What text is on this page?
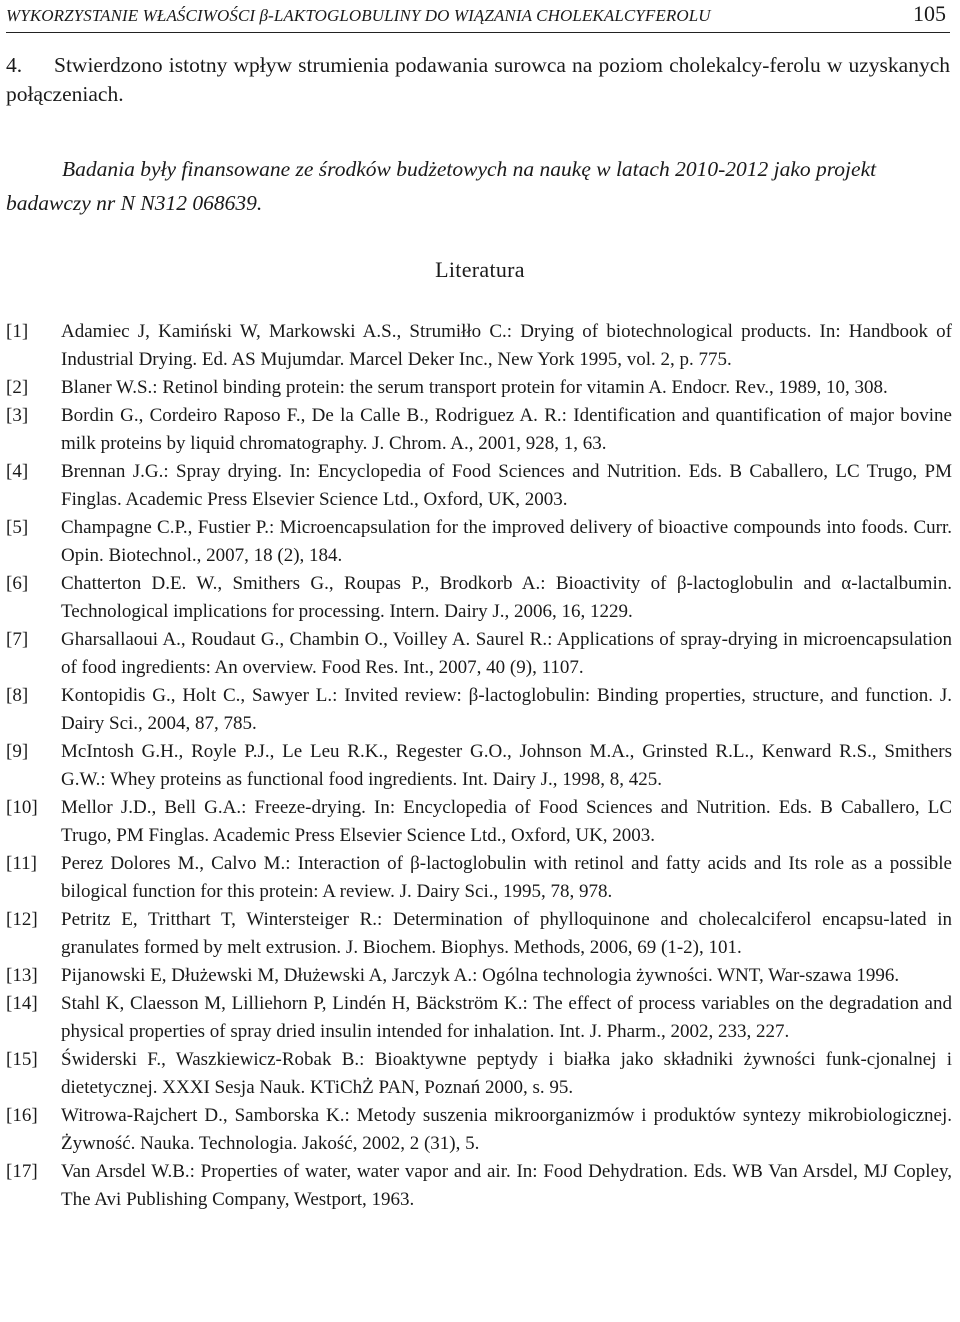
WYKORZYSTANIE WŁAŚCIWOŚCI β-LAKTOGLOBULINY DO WIĄZANIA CHOLEKALCYFEROLU	105
4. Stwierdzono istotny wpływ strumienia podawania surowca na poziom cholekalcy-ferolu w uzyskanych połączeniach.
Badania były finansowane ze środków budżetowych na naukę w latach 2010-2012 jako projekt badawczy nr N N312 068639.
Literatura
[1] Adamiec J, Kamiński W, Markowski A.S., Strumiłło C.: Drying of biotechnological products. In: Handbook of Industrial Drying. Ed. AS Mujumdar. Marcel Deker Inc., New York 1995, vol. 2, p. 775.
[2] Blaner W.S.: Retinol binding protein: the serum transport protein for vitamin A. Endocr. Rev., 1989, 10, 308.
[3] Bordin G., Cordeiro Raposo F., De la Calle B., Rodriguez A. R.: Identification and quantification of major bovine milk proteins by liquid chromatography. J. Chrom. A., 2001, 928, 1, 63.
[4] Brennan J.G.: Spray drying. In: Encyclopedia of Food Sciences and Nutrition. Eds. B Caballero, LC Trugo, PM Finglas. Academic Press Elsevier Science Ltd., Oxford, UK, 2003.
[5] Champagne C.P., Fustier P.: Microencapsulation for the improved delivery of bioactive compounds into foods. Curr. Opin. Biotechnol., 2007, 18 (2), 184.
[6] Chatterton D.E. W., Smithers G., Roupas P., Brodkorb A.: Bioactivity of β-lactoglobulin and α-lactalbumin. Technological implications for processing. Intern. Dairy J., 2006, 16, 1229.
[7] Gharsallaoui A., Roudaut G., Chambin O., Voilley A. Saurel R.: Applications of spray-drying in microencapsulation of food ingredients: An overview. Food Res. Int., 2007, 40 (9), 1107.
[8] Kontopidis G., Holt C., Sawyer L.: Invited review: β-lactoglobulin: Binding properties, structure, and function. J. Dairy Sci., 2004, 87, 785.
[9] McIntosh G.H., Royle P.J., Le Leu R.K., Regester G.O., Johnson M.A., Grinsted R.L., Kenward R.S., Smithers G.W.: Whey proteins as functional food ingredients. Int. Dairy J., 1998, 8, 425.
[10] Mellor J.D., Bell G.A.: Freeze-drying. In: Encyclopedia of Food Sciences and Nutrition. Eds. B Caballero, LC Trugo, PM Finglas. Academic Press Elsevier Science Ltd., Oxford, UK, 2003.
[11] Perez Dolores M., Calvo M.: Interaction of β-lactoglobulin with retinol and fatty acids and Its role as a possible bilogical function for this protein: A review. J. Dairy Sci., 1995, 78, 978.
[12] Petritz E, Tritthart T, Wintersteiger R.: Determination of phylloquinone and cholecalciferol encapsu-lated in granulates formed by melt extrusion. J. Biochem. Biophys. Methods, 2006, 69 (1-2), 101.
[13] Pijanowski E, Dłużewski M, Dłużewski A, Jarczyk A.: Ogólna technologia żywności. WNT, War-szawa 1996.
[14] Stahl K, Claesson M, Lilliehorn P, Lindén H, Bäckström K.: The effect of process variables on the degradation and physical properties of spray dried insulin intended for inhalation. Int. J. Pharm., 2002, 233, 227.
[15] Świderski F., Waszkiewicz-Robak B.: Bioaktywne peptydy i białka jako składniki żywności funk-cjonalnej i dietetycznej. XXXI Sesja Nauk. KTiChŻ PAN, Poznań 2000, s. 95.
[16] Witrowa-Rajchert D., Samborska K.: Metody suszenia mikroorganizmów i produktów syntezy mikrobiologicznej. Żywność. Nauka. Technologia. Jakość, 2002, 2 (31), 5.
[17] Van Arsdel W.B.: Properties of water, water vapor and air. In: Food Dehydration. Eds. WB Van Arsdel, MJ Copley, The Avi Publishing Company, Westport, 1963.
